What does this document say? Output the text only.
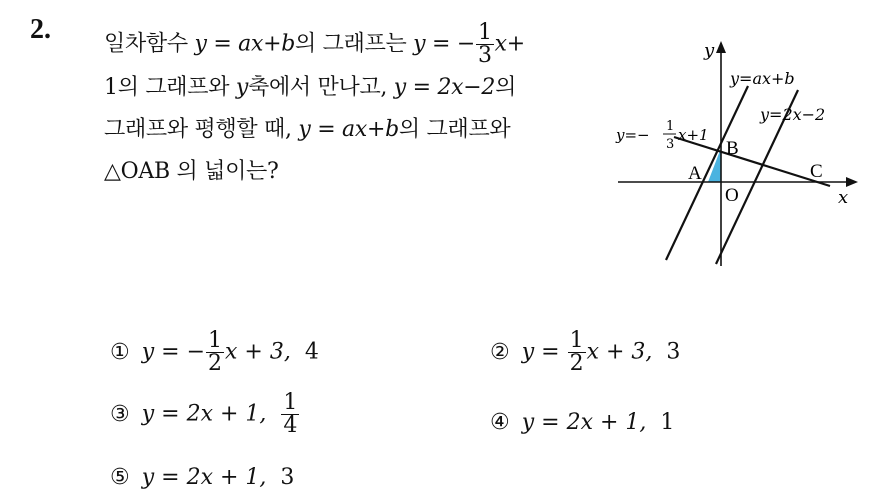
2. 일차함수 y = ax+b의 그래프는 y = − $\frac{1}{3} x+$
1의 그래프와 y축에서 만나고, y = 2x−2의
그래프와 평행할 때, y = ax+b의 그래프와
△OAB 의 넓이는?
y
x
y=ax+b
y=2x−2
y=− 1
3
x+1
A
B
C
O
① y = − $\frac{1}{2}$ x + 3, 4	② $y = \frac{1}{2}$ x + 3, 3
③ y = 2x + 1, $\frac{1}{4}$	④ y = 2x + 1, 1
⑤ y = 2x + 1, 3
